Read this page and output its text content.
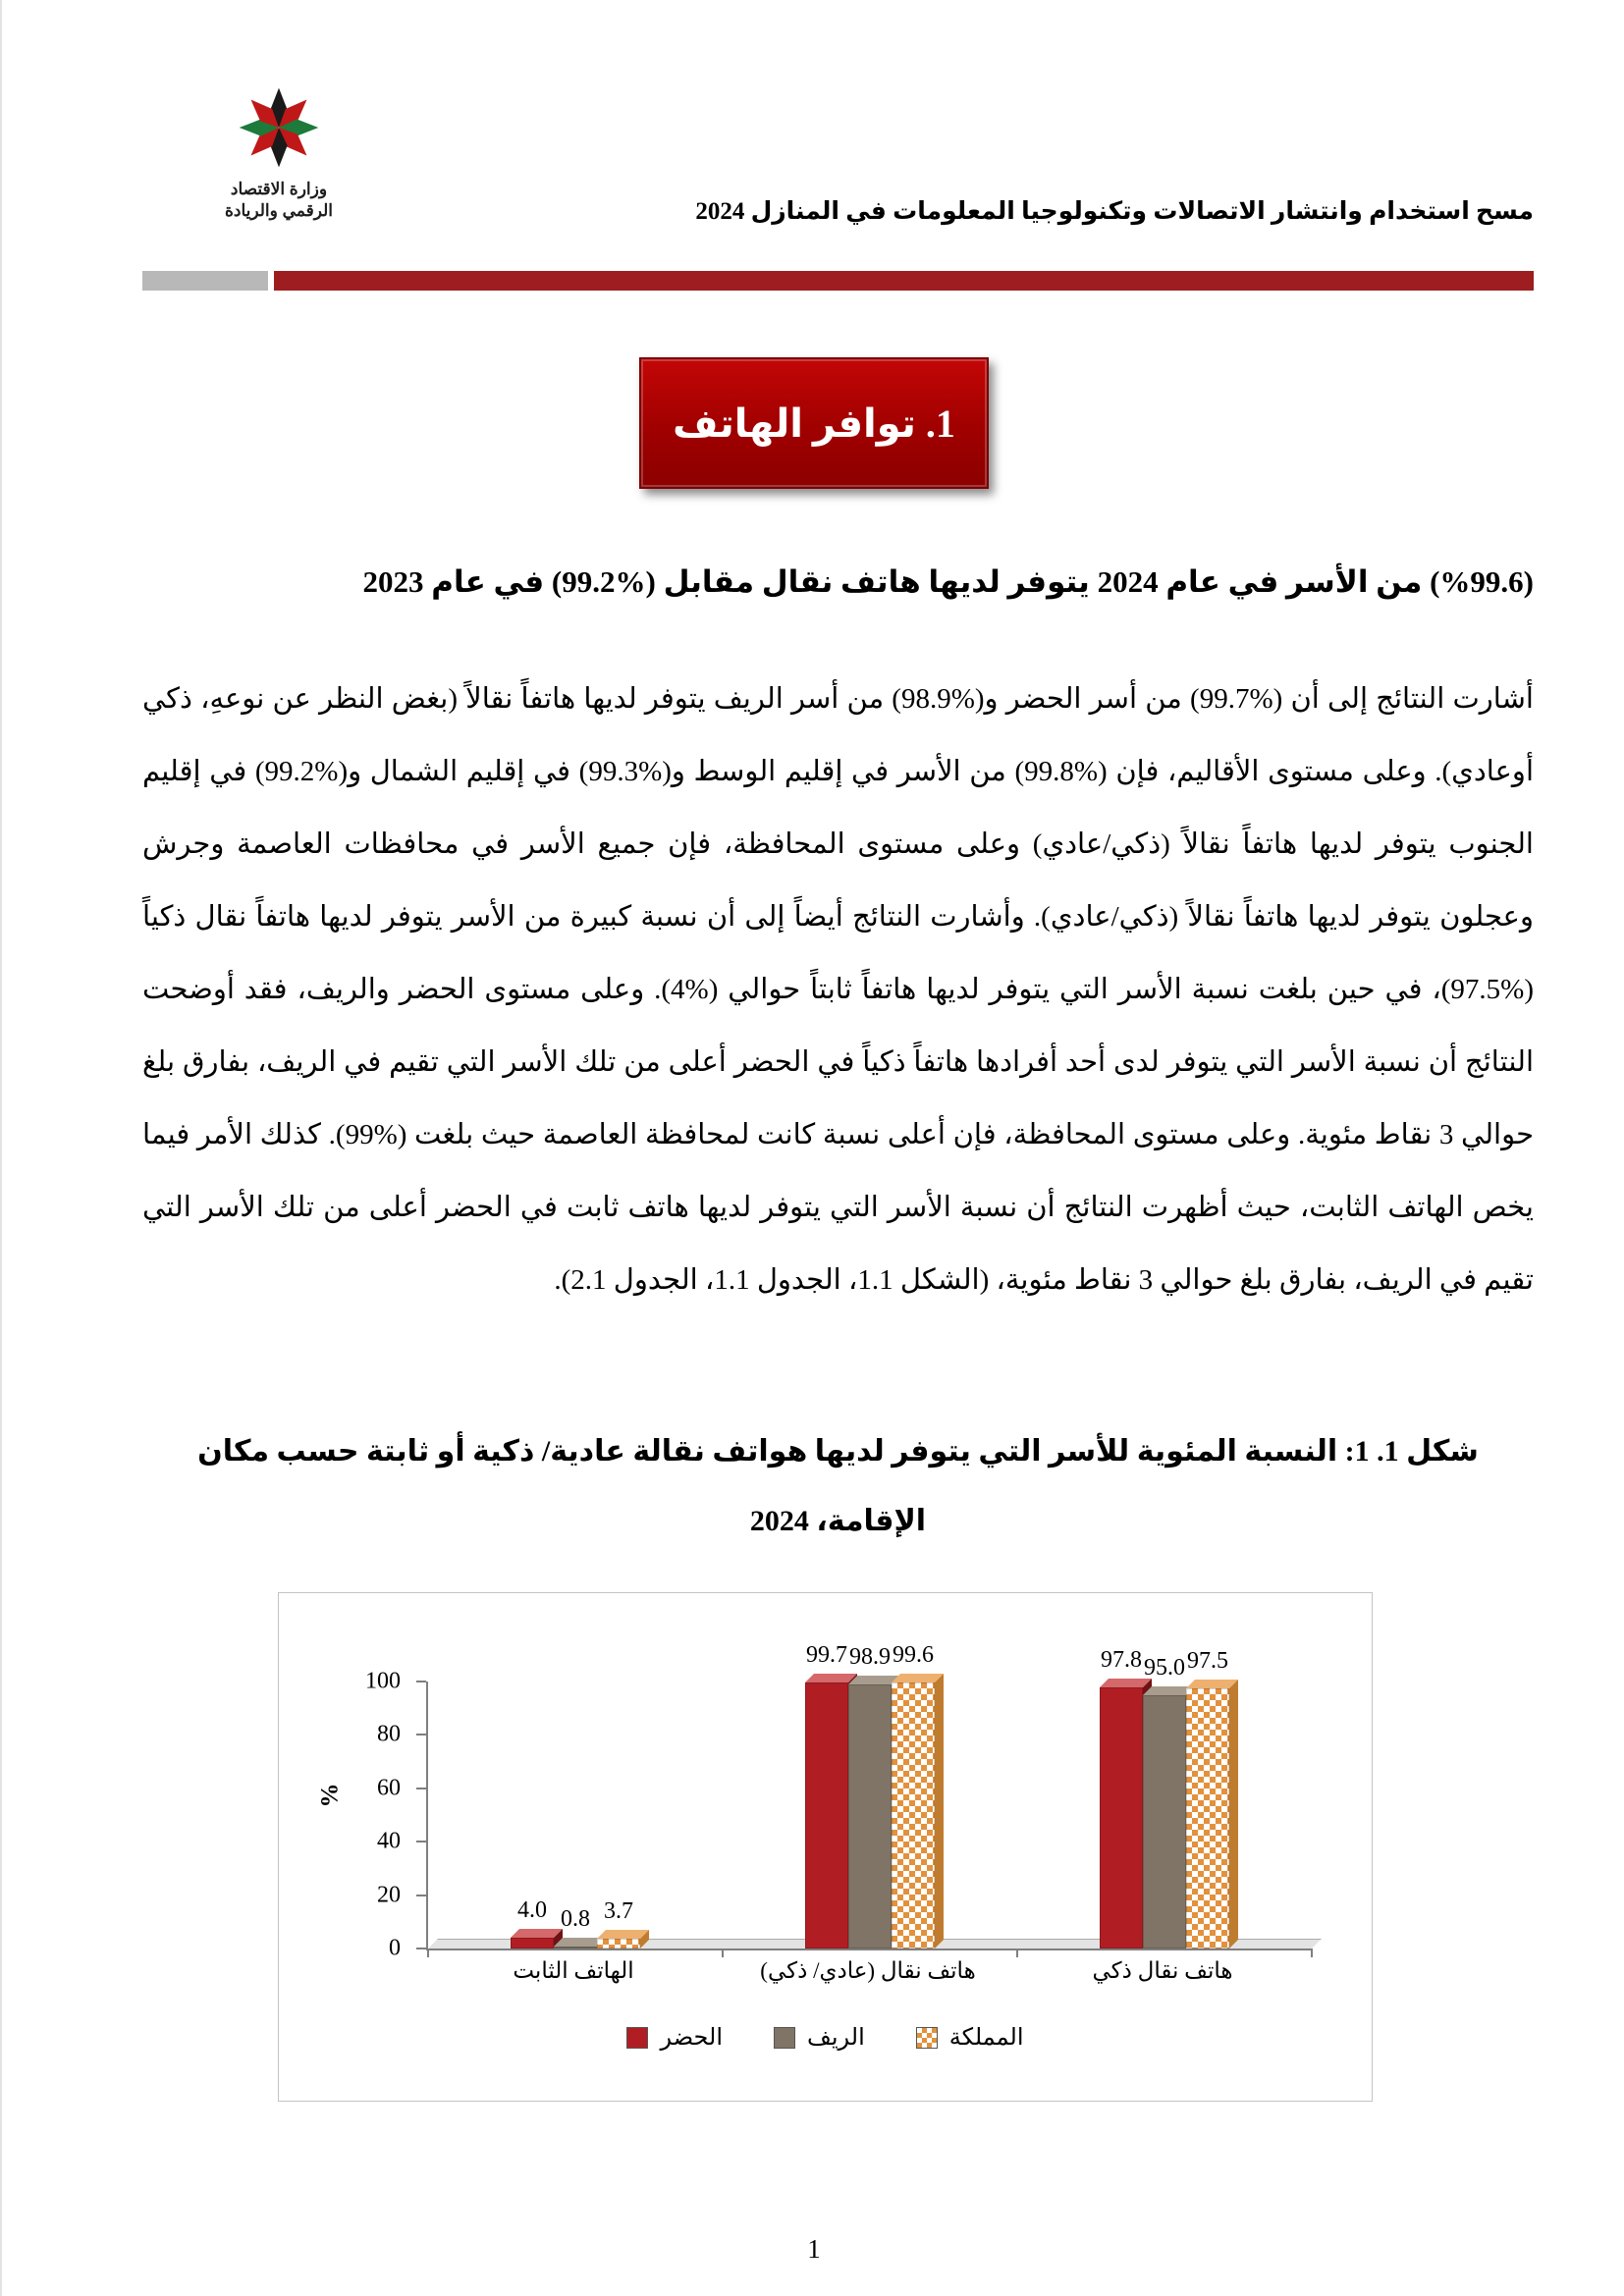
وزارة الاقتصاد
الرقمي والريادة	مسح استخدام وانتشار الاتصالات وتكنولوجيا المعلومات في المنازل 2024
1. توافر الهاتف

(%99.6) من الأسر في عام 2024 يتوفر لديها هاتف نقال مقابل (%99.2) في عام 2023

أشارت النتائج إلى أن (%99.7) من أسر الحضر و(%98.9) من أسر الريف يتوفر لديها هاتفاً نقالاً (بغض النظر عن نوعهِ، ذكي أوعادي). وعلى مستوى الأقاليم، فإن (%99.8) من الأسر في إقليم الوسط و(%99.3) في إقليم الشمال و(%99.2) في إقليم الجنوب يتوفر لديها هاتفاً نقالاً (ذكي/عادي) وعلى مستوى المحافظة، فإن جميع الأسر في محافظات العاصمة وجرش وعجلون يتوفر لديها هاتفاً نقالاً (ذكي/عادي). وأشارت النتائج أيضاً إلى أن نسبة كبيرة من الأسر يتوفر لديها هاتفاً نقال ذكياً (%97.5)، في حين بلغت نسبة الأسر التي يتوفر لديها هاتفاً ثابتاً حوالي (%4). وعلى مستوى الحضر والريف، فقد أوضحت النتائج أن نسبة الأسر التي يتوفر لدى أحد أفرادها هاتفاً ذكياً في الحضر أعلى من تلك الأسر التي تقيم في الريف، بفارق بلغ حوالي 3 نقاط مئوية. وعلى مستوى المحافظة، فإن أعلى نسبة كانت لمحافظة العاصمة حيث بلغت (%99). كذلك الأمر فيما يخص الهاتف الثابت، حيث أظهرت النتائج أن نسبة الأسر التي يتوفر لديها هاتف ثابت في الحضر أعلى من تلك الأسر التي تقيم في الريف، بفارق بلغ حوالي 3 نقاط مئوية، (الشكل 1.1، الجدول 1.1، الجدول 2.1).

شكل 1. 1: النسبة المئوية للأسر التي يتوفر لديها هواتف نقالة عادية/ ذكية أو ثابتة حسب مكان الإقامة، 2024

%
0
20
40
60
80
100
4.0 0.8 3.7
99.7 98.9 99.6	97.8 95.0 97.5
الهاتف الثابت	هاتف نقال (عادي/ ذكي)	هاتف نقال ذكي
الحضر	الريف	المملكة
1
